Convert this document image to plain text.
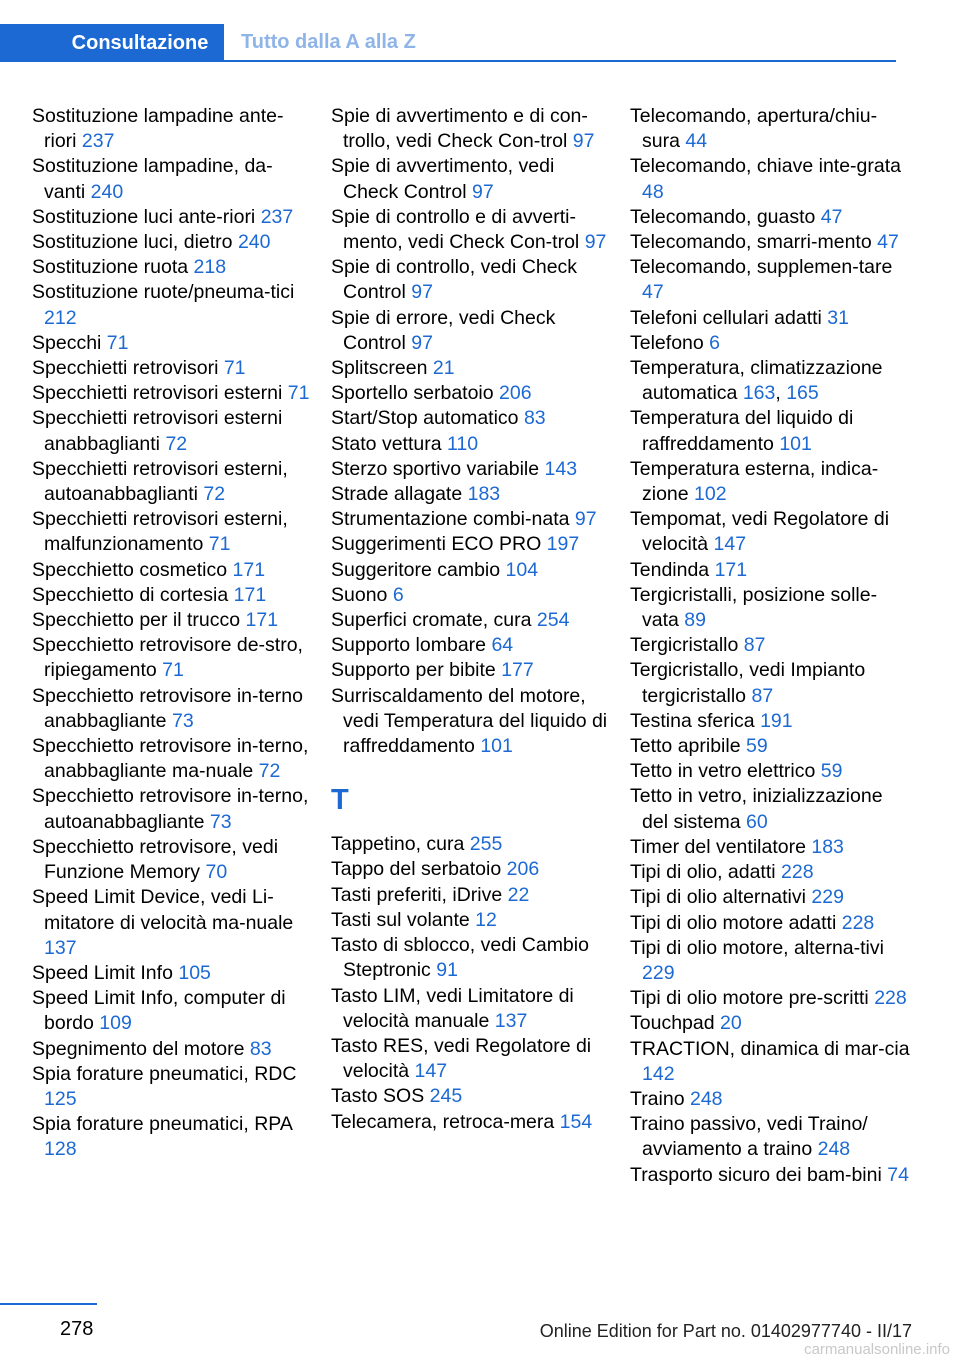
Consultazione	Tutto dalla A alla Z
Sostituzione lampadine ante-riori 237
Sostituzione lampadine, da-vanti 240
Sostituzione luci ante-riori 237
Sostituzione luci, dietro 240
Sostituzione ruota 218
Sostituzione ruote/pneuma-tici 212
Specchi 71
Specchietti retrovisori 71
Specchietti retrovisori esterni 71
Specchietti retrovisori esterni anabbaglianti 72
Specchietti retrovisori esterni, autoanabbaglianti 72
Specchietti retrovisori esterni, malfunzionamento 71
Specchietto cosmetico 171
Specchietto di cortesia 171
Specchietto per il trucco 171
Specchietto retrovisore de-stro, ripiegamento 71
Specchietto retrovisore in-terno anabbagliante 73
Specchietto retrovisore in-terno, anabbagliante ma-nuale 72
Specchietto retrovisore in-terno, autoanabbagliante 73
Specchietto retrovisore, vedi Funzione Memory 70
Speed Limit Device, vedi Li-mitatore di velocità ma-nuale 137
Speed Limit Info 105
Speed Limit Info, computer di bordo 109
Spegnimento del motore 83
Spia forature pneumatici, RDC 125
Spia forature pneumatici, RPA 128
Spie di avvertimento e di con-trollo, vedi Check Con-trol 97
Spie di avvertimento, vedi Check Control 97
Spie di controllo e di avverti-mento, vedi Check Con-trol 97
Spie di controllo, vedi Check Control 97
Spie di errore, vedi Check Control 97
Splitscreen 21
Sportello serbatoio 206
Start/Stop automatico 83
Stato vettura 110
Sterzo sportivo variabile 143
Strade allagate 183
Strumentazione combi-nata 97
Suggerimenti ECO PRO 197
Suggeritore cambio 104
Suono 6
Superfici cromate, cura 254
Supporto lombare 64
Supporto per bibite 177
Surriscaldamento del motore, vedi Temperatura del liquido di raffreddamento 101
T
Tappetino, cura 255
Tappo del serbatoio 206
Tasti preferiti, iDrive 22
Tasti sul volante 12
Tasto di sblocco, vedi Cambio Steptronic 91
Tasto LIM, vedi Limitatore di velocità manuale 137
Tasto RES, vedi Regolatore di velocità 147
Tasto SOS 245
Telecamera, retroca-mera 154
Telecomando, apertura/chiu-sura 44
Telecomando, chiave inte-grata 48
Telecomando, guasto 47
Telecomando, smarri-mento 47
Telecomando, supplemen-tare 47
Telefoni cellulari adatti 31
Telefono 6
Temperatura, climatizzazione automatica 163, 165
Temperatura del liquido di raffreddamento 101
Temperatura esterna, indica-zione 102
Tempomat, vedi Regolatore di velocità 147
Tendinda 171
Tergicristalli, posizione solle-vata 89
Tergicristallo 87
Tergicristallo, vedi Impianto tergicristallo 87
Testina sferica 191
Tetto apribile 59
Tetto in vetro elettrico 59
Tetto in vetro, inizializzazione del sistema 60
Timer del ventilatore 183
Tipi di olio, adatti 228
Tipi di olio alternativi 229
Tipi di olio motore adatti 228
Tipi di olio motore, alterna-tivi 229
Tipi di olio motore pre-scritti 228
Touchpad 20
TRACTION, dinamica di mar-cia 142
Traino 248
Traino passivo, vedi Traino/ avviamento a traino 248
Trasporto sicuro dei bam-bini 74
278	Online Edition for Part no. 01402977740 - II/17
carmanualsonline.info
